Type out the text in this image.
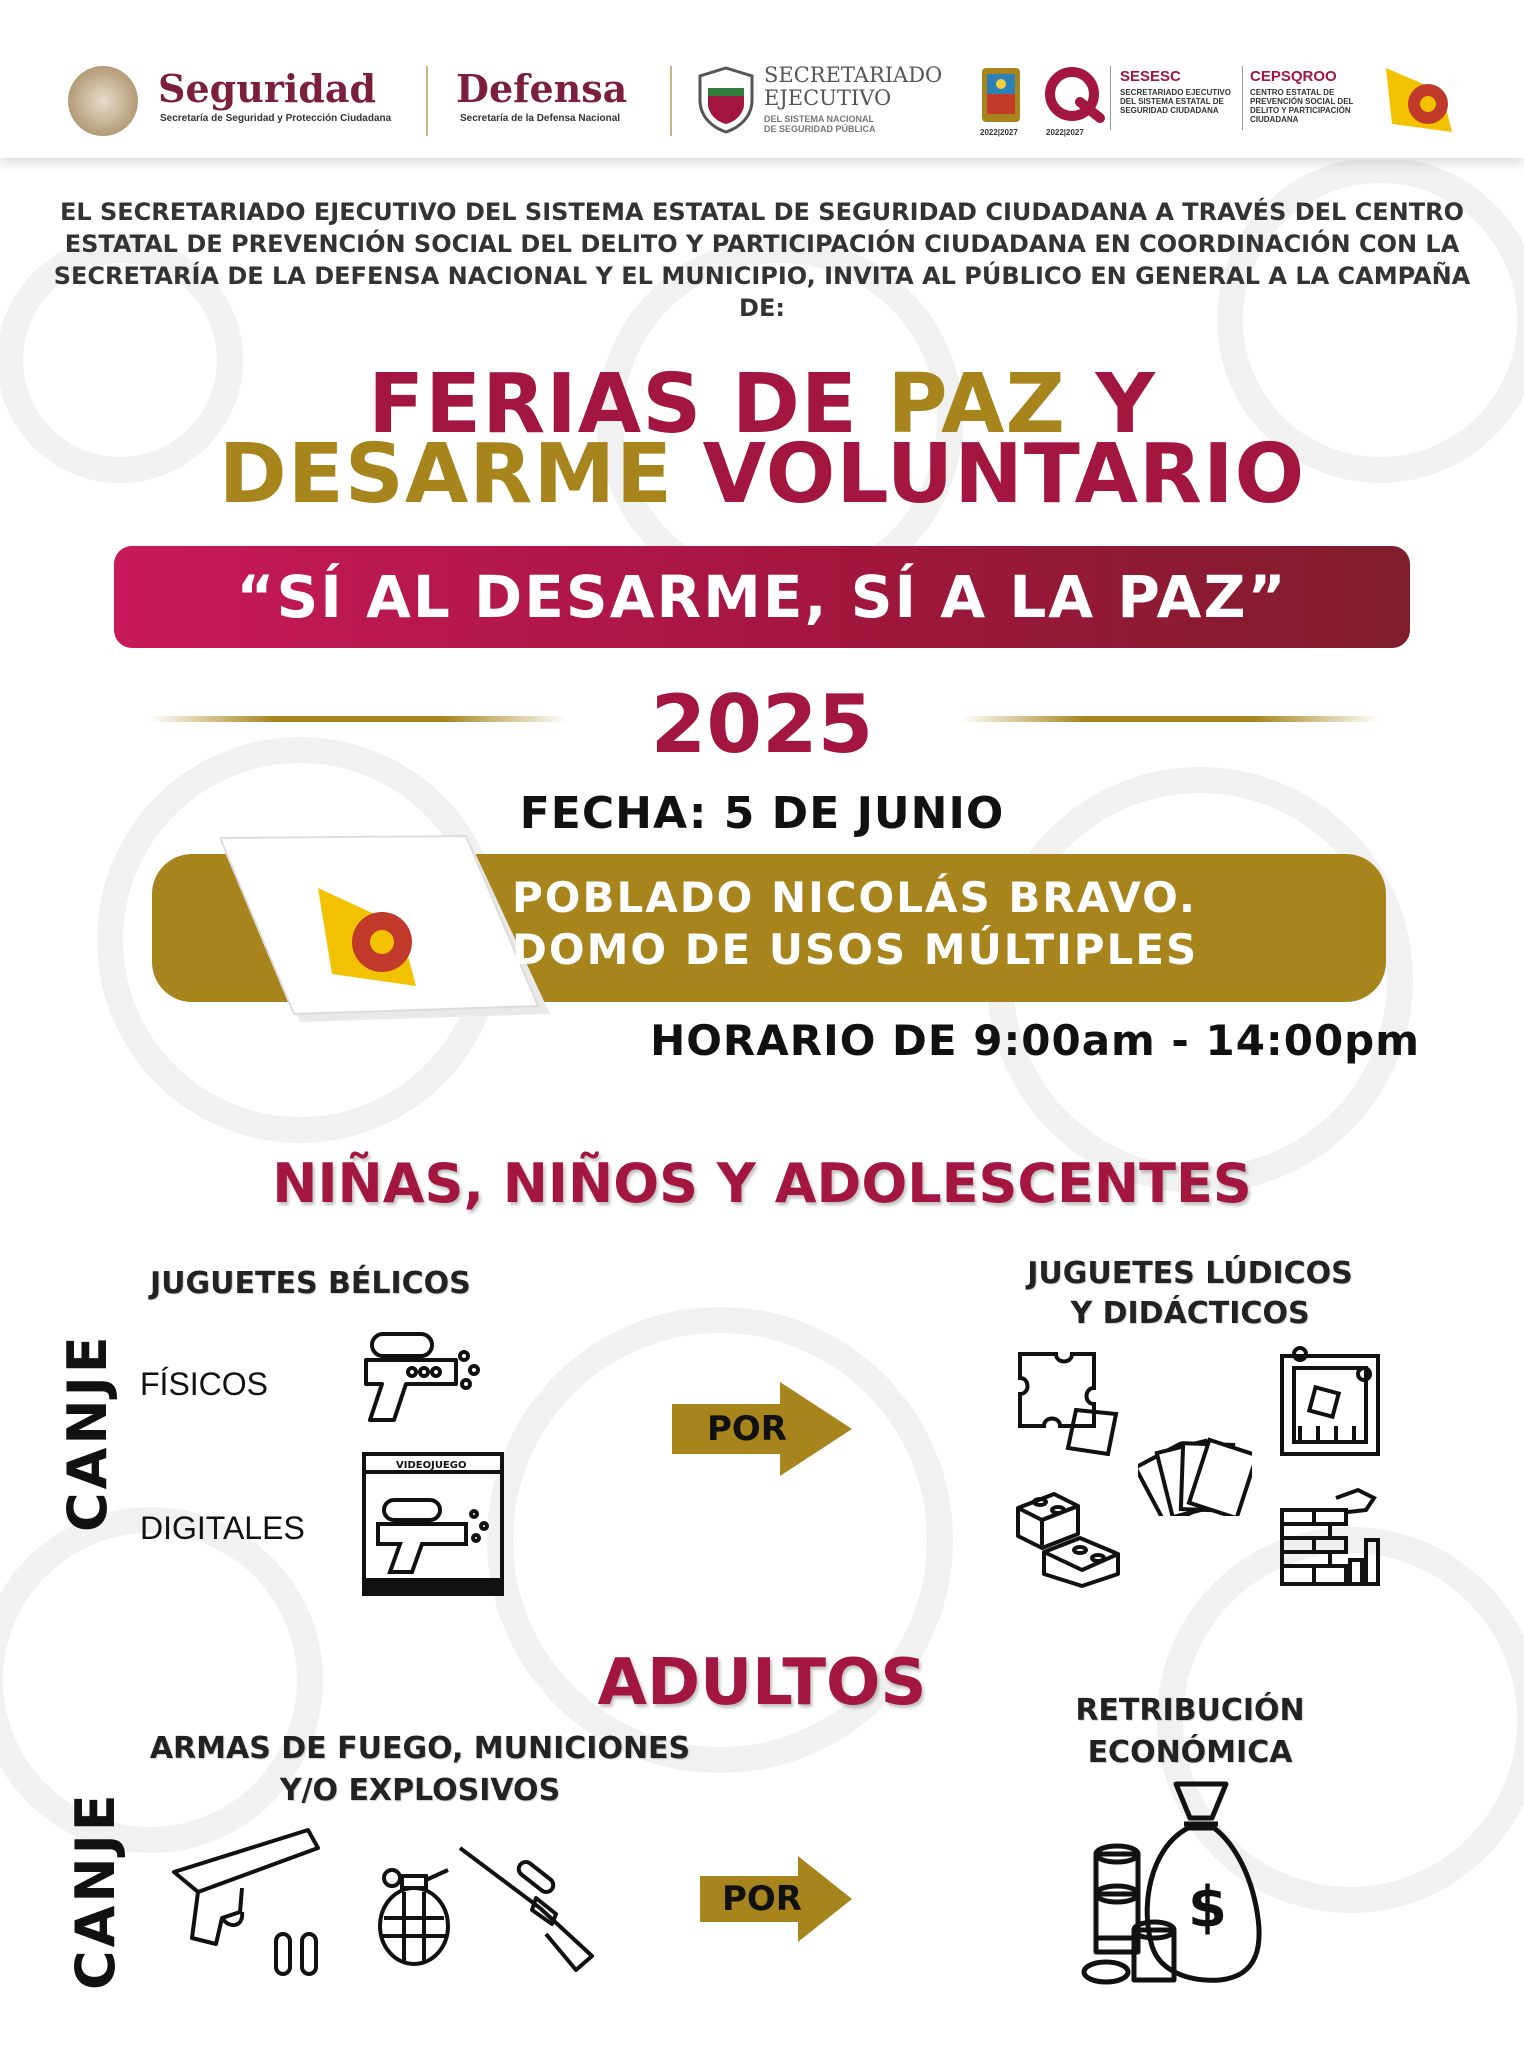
Seguridad
Secretaría de Seguridad y Protección Ciudadana
Defensa
Secretaría de la Defensa Nacional
SECRETARIADO
EJECUTIVO
DEL SISTEMA NACIONAL
DE SEGURIDAD PÚBLICA	2022|2027	2022|2027
SESESC
SECRETARIADO EJECUTIVO DEL SISTEMA ESTATAL DE SEGURIDAD CIUDADANA
CEPSQROO
CENTRO ESTATAL DE PREVENCIÓN SOCIAL DEL DELITO Y PARTICIPACIÓN CIUDADANA
EL SECRETARIADO EJECUTIVO DEL SISTEMA ESTATAL DE SEGURIDAD CIUDADANA A TRAVÉS DEL CENTRO ESTATAL DE PREVENCIÓN SOCIAL DEL DELITO Y PARTICIPACIÓN CIUDADANA EN COORDINACIÓN CON LA SECRETARÍA DE LA DEFENSA NACIONAL Y EL MUNICIPIO, INVITA AL PÚBLICO EN GENERAL A LA CAMPAÑA DE:
FERIAS DE PAZ Y
DESARME VOLUNTARIO
“SÍ AL DESARME, SÍ A LA PAZ”
2025
FECHA: 5 DE JUNIO
POBLADO NICOLÁS BRAVO.
DOMO DE USOS MÚLTIPLES
HORARIO DE 9:00am - 14:00pm
NIÑAS, NIÑOS Y ADOLESCENTES
CANJE
JUGUETES BÉLICOS
FÍSICOS
DIGITALES
VIDEOJUEGO
POR
JUGUETES LÚDICOS
Y DIDÁCTICOS
ADULTOS
ARMAS DE FUEGO, MUNICIONES
Y/O EXPLOSIVOS
CANJE	POR
RETRIBUCIÓN
ECONÓMICA
$
